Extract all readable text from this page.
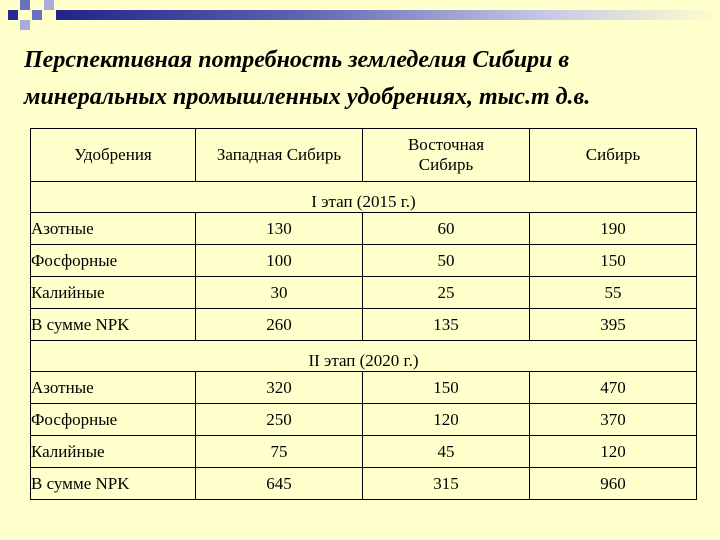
Перспективная потребность земледелия Сибири в минеральных промышленных удобрениях, тыс.т д.в.
Удобрения	Западная Сибирь	Восточная Сибирь	Сибирь
I этап (2015 г.)			
Азотные	130	60	190
Фосфорные	100	50	150
Калийные	30	25	55
В сумме NPK	260	135	395
II этап (2020 г.)			
Азотные	320	150	470
Фосфорные	250	120	370
Калийные	75	45	120
В сумме NPK	645	315	960
